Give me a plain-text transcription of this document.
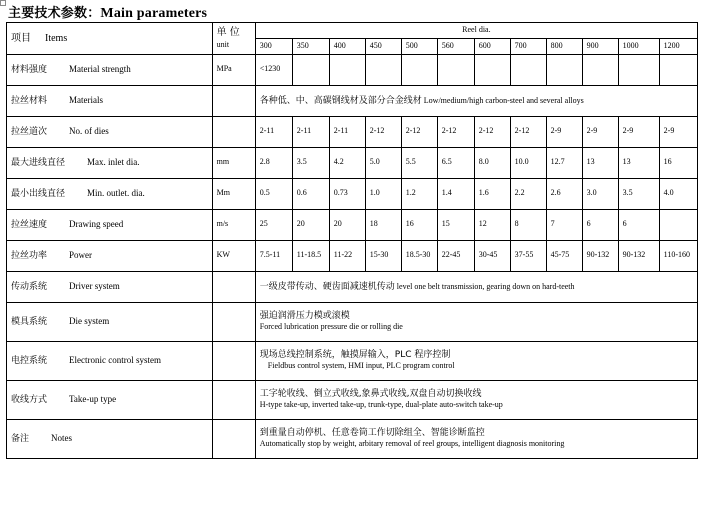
主要技术参数：Main parameters
项目 Items	单 位
unit	Reel dia.											
		300	350	400	450	500	560	600	700	800	900	1000	1200
材料强度 Material strength	MPa	<1230											
拉丝材料 Materials		各种低、中、高碳钢线材及部分合金线材 Low/medium/high carbon-steel and several alloys											
拉丝道次 No. of dies		2-11	2-11	2-11	2-12	2-12	2-12	2-12	2-12	2-9	2-9	2-9	2-9
最大进线直径 Max. inlet dia.	mm	2.8	3.5	4.2	5.0	5.5	6.5	8.0	10.0	12.7	13	13	16
最小出线直径 Min. outlet. dia.	Mm	0.5	0.6	0.73	1.0	1.2	1.4	1.6	2.2	2.6	3.0	3.5	4.0
拉丝速度 Drawing speed	m/s	25	20	20	18	16	15	12	8	7	6	6	
拉丝功率 Power	KW	7.5-11	11-18.5	11-22	15-30	18.5-30	22-45	30-45	37-55	45-75	90-132	90-132	110-160
传动系统 Driver system		一级皮带传动、硬齿面减速机传动 level one belt transmission, gearing down on hard-teeth											
模具系统 Die system		强迫润滑压力模或滚模
Forced lubrication pressure die or rolling die											

电控系统 Electronic control system		现场总线控制系统，触摸屏输入，PLC 程序控制
Fieldbus control system, HMI input, PLC program control											

收线方式 Take-up type		工字轮收线、倒立式收线,象鼻式收线,双盘自动切换收线
H-type take-up, inverted take-up, trunk-type, dual-plate auto-switch take-up											

备注 Notes		到重量自动停机、任意卷筒工作切除组全、智能诊断监控
Automatically stop by weight, arbitary removal of reel groups, intelligent diagnosis monitoring											
